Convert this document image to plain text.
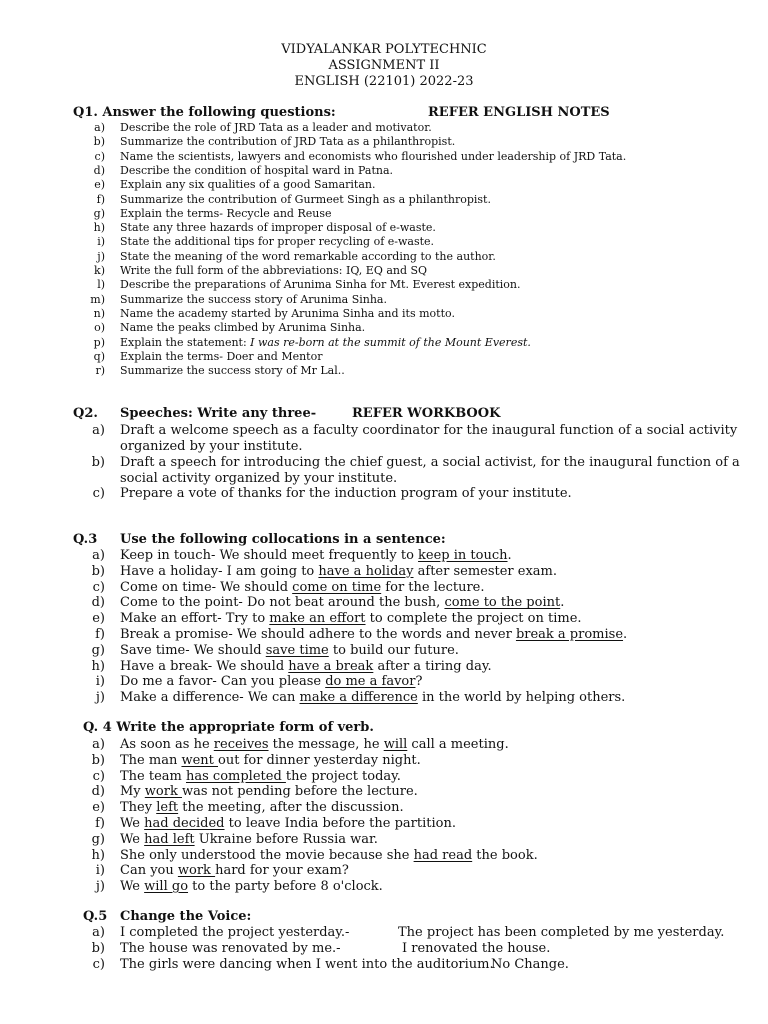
VIDYALANKAR POLYTECHNIC
ASSIGNMENT II
ENGLISH (22101) 2022-23
Q1. Answer the following questions:	REFER ENGLISH NOTES
a) Describe the role of JRD Tata as a leader and motivator.
b) Summarize the contribution of JRD Tata as a philanthropist.
c) Name the scientists, lawyers and economists who flourished under leadership of JRD Tata.
d) Describe the condition of hospital ward in Patna.
e) Explain any six qualities of a good Samaritan.
f) Summarize the contribution of Gurmeet Singh as a philanthropist.
g) Explain the terms- Recycle and Reuse
h) State any three hazards of improper disposal of e-waste.
i) State the additional tips for proper recycling of e-waste.
j) State the meaning of the word remarkable according to the author.
k) Write the full form of the abbreviations: IQ, EQ and SQ
l) Describe the preparations of Arunima Sinha for Mt. Everest expedition.
m) Summarize the success story of Arunima Sinha.
n) Name the academy started by Arunima Sinha and its motto.
o) Name the peaks climbed by Arunima Sinha.
p) Explain the statement: I was re-born at the summit of the Mount Everest.
q) Explain the terms- Doer and Mentor
r) Summarize the success story of Mr Lal..
Q2. Speeches: Write any three-	REFER WORKBOOK
a) Draft a welcome speech as a faculty coordinator for the inaugural function of a social activity
organized by your institute.
b) Draft a speech for introducing the chief guest, a social activist, for the inaugural function of a
social activity organized by your institute.
c) Prepare a vote of thanks for the induction program of your institute.
Q.3 Use the following collocations in a sentence:
a) Keep in touch- We should meet frequently to keep in touch.
b) Have a holiday- I am going to have a holiday after semester exam.
c) Come on time- We should come on time for the lecture.
d) Come to the point- Do not beat around the bush, come to the point.
e) Make an effort- Try to make an effort to complete the project on time.
f) Break a promise- We should adhere to the words and never break a promise.
g) Save time- We should save time to build our future.
h) Have a break- We should have a break after a tiring day.
i) Do me a favor- Can you please do me a favor?
j) Make a difference- We can make a difference in the world by helping others.
Q. 4 Write the appropriate form of verb.
a) As soon as he receives the message, he will call a meeting.
b) The man went out for dinner yesterday night.
c) The team has completed the project today.
d) My work was not pending before the lecture.
e) They left the meeting, after the discussion.
f) We had decided to leave India before the partition.
g) We had left Ukraine before Russia war.
h) She only understood the movie because she had read the book.
i) Can you work hard for your exam?
j) We will go to the party before 8 o'clock.
Q.5 Change the Voice:
a) I completed the project yesterday.-	The project has been completed by me yesterday.
b) The house was renovated by me.-	I renovated the house.
c) The girls were dancing when I went into the auditorium.
No Change.
